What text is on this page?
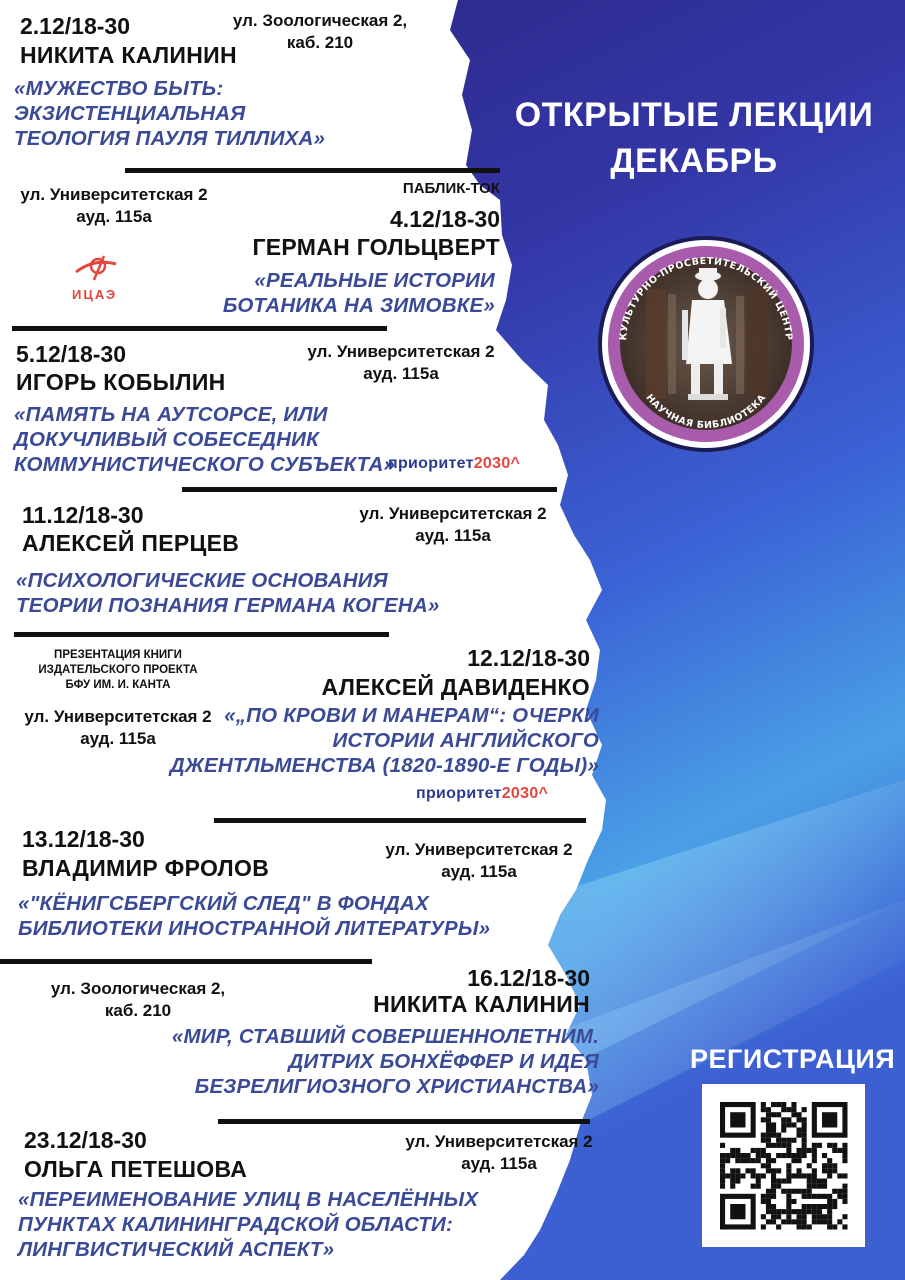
ОТКРЫТЫЕ ЛЕКЦИИ
ДЕКАБРЬ
КУЛЬТУРНО-ПРОСВЕТИТЕЛЬСКИЙ ЦЕНТР
НАУЧНАЯ БИБЛИОТЕКА
2.12/18-30
НИКИТА КАЛИНИН
ул. Зоологическая 2,
каб. 210
«МУЖЕСТВО БЫТЬ:
ЭКЗИСТЕНЦИАЛЬНАЯ
ТЕОЛОГИЯ ПАУЛЯ ТИЛЛИХА»
ул. Университетская 2
ауд. 115а
ИЦАЭ
ПАБЛИК-ТОК
4.12/18-30
ГЕРМАН ГОЛЬЦВЕРТ
«РЕАЛЬНЫЕ ИСТОРИИ
БОТАНИКА НА ЗИМОВКЕ»
5.12/18-30
ИГОРЬ КОБЫЛИН
ул. Университетская 2
ауд. 115а
«ПАМЯТЬ НА АУТСОРСЕ, ИЛИ
ДОКУЧЛИВЫЙ СОБЕСЕДНИК
КОММУНИСТИЧЕСКОГО СУБЪЕКТА»
приоритет2030^
11.12/18-30
АЛЕКСЕЙ ПЕРЦЕВ
ул. Университетская 2
ауд. 115а
«ПСИХОЛОГИЧЕСКИЕ ОСНОВАНИЯ
ТЕОРИИ ПОЗНАНИЯ ГЕРМАНА КОГЕНА»
ПРЕЗЕНТАЦИЯ КНИГИ
ИЗДАТЕЛЬСКОГО ПРОЕКТА
БФУ ИМ. И. КАНТА
ул. Университетская 2
ауд. 115а
12.12/18-30
АЛЕКСЕЙ ДАВИДЕНКО
«„ПО КРОВИ И МАНЕРАМ“: ОЧЕРКИ
ИСТОРИИ АНГЛИЙСКОГО
ДЖЕНТЛЬМЕНСТВА (1820-1890-Е ГОДЫ)»
приоритет2030^
13.12/18-30
ВЛАДИМИР ФРОЛОВ
ул. Университетская 2
ауд. 115а
«"КЁНИГСБЕРГСКИЙ СЛЕД" В ФОНДАХ
БИБЛИОТЕКИ ИНОСТРАННОЙ ЛИТЕРАТУРЫ»
ул. Зоологическая 2,
каб. 210
16.12/18-30
НИКИТА КАЛИНИН
«МИР, СТАВШИЙ СОВЕРШЕННОЛЕТНИМ.
ДИТРИХ БОНХЁФФЕР И ИДЕЯ
БЕЗРЕЛИГИОЗНОГО ХРИСТИАНСТВА»
23.12/18-30
ОЛЬГА ПЕТЕШОВА
ул. Университетская 2
ауд. 115а
«ПЕРЕИМЕНОВАНИЕ УЛИЦ В НАСЕЛЁННЫХ
ПУНКТАХ КАЛИНИНГРАДСКОЙ ОБЛАСТИ:
ЛИНГВИСТИЧЕСКИЙ АСПЕКТ»
РЕГИСТРАЦИЯ
